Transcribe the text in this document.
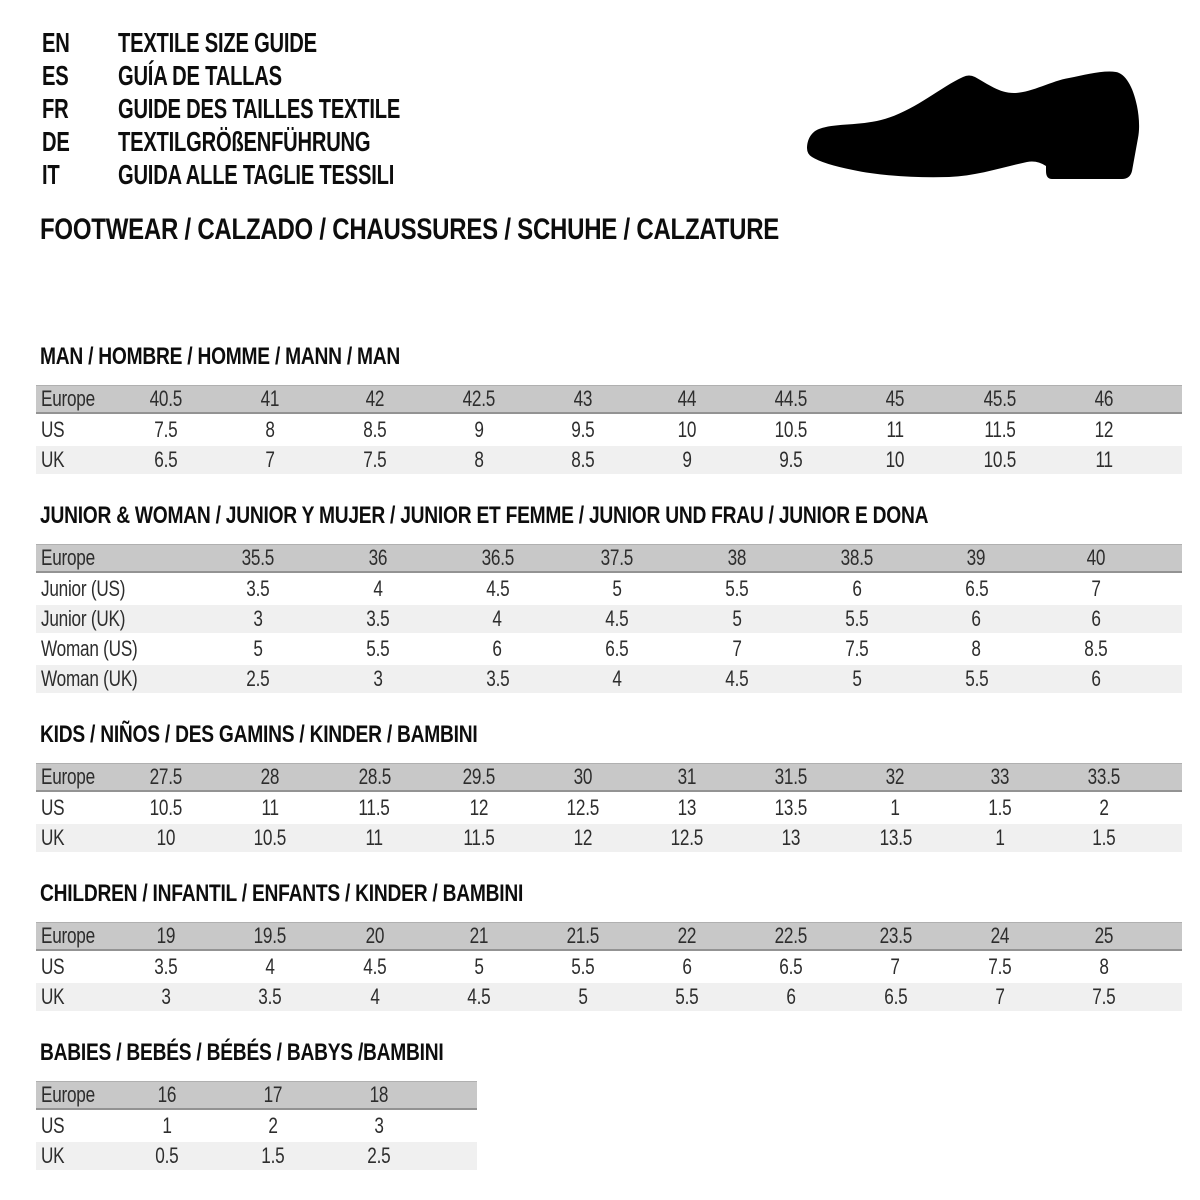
EN TEXTILE SIZE GUIDE
ES GUÍA DE TALLAS
FR GUIDE DES TAILLES TEXTILE
DE TEXTILGRÖßENFÜHRUNG
IT GUIDA ALLE TAGLIE TESSILI
FOOTWEAR / CALZADO / CHAUSSURES / SCHUHE / CALZATURE
MAN / HOMBRE / HOMME / MANN / MAN
Europe	40.5	41	42	42.5	43	44	44.5	45	45.5	46	
US	7.5	8	8.5	9	9.5	10	10.5	11	11.5	12	
UK	6.5	7	7.5	8	8.5	9	9.5	10	10.5	11	
JUNIOR & WOMAN / JUNIOR Y MUJER / JUNIOR ET FEMME / JUNIOR UND FRAU / JUNIOR E DONA
Europe	35.5	36	36.5	37.5	38	38.5	39	40	
Junior (US)	3.5	4	4.5	5	5.5	6	6.5	7	
Junior (UK)	3	3.5	4	4.5	5	5.5	6	6	
Woman (US)	5	5.5	6	6.5	7	7.5	8	8.5	
Woman (UK)	2.5	3	3.5	4	4.5	5	5.5	6	
KIDS / NIÑOS / DES GAMINS / KINDER / BAMBINI
Europe	27.5	28	28.5	29.5	30	31	31.5	32	33	33.5	
US	10.5	11	11.5	12	12.5	13	13.5	1	1.5	2	
UK	10	10.5	11	11.5	12	12.5	13	13.5	1	1.5	
CHILDREN / INFANTIL / ENFANTS / KINDER / BAMBINI
Europe	19	19.5	20	21	21.5	22	22.5	23.5	24	25	
US	3.5	4	4.5	5	5.5	6	6.5	7	7.5	8	
UK	3	3.5	4	4.5	5	5.5	6	6.5	7	7.5	
BABIES / BEBÉS / BÉBÉS / BABYS /BAMBINI
Europe	16	17	18	
US	1	2	3	
UK	0.5	1.5	2.5	
